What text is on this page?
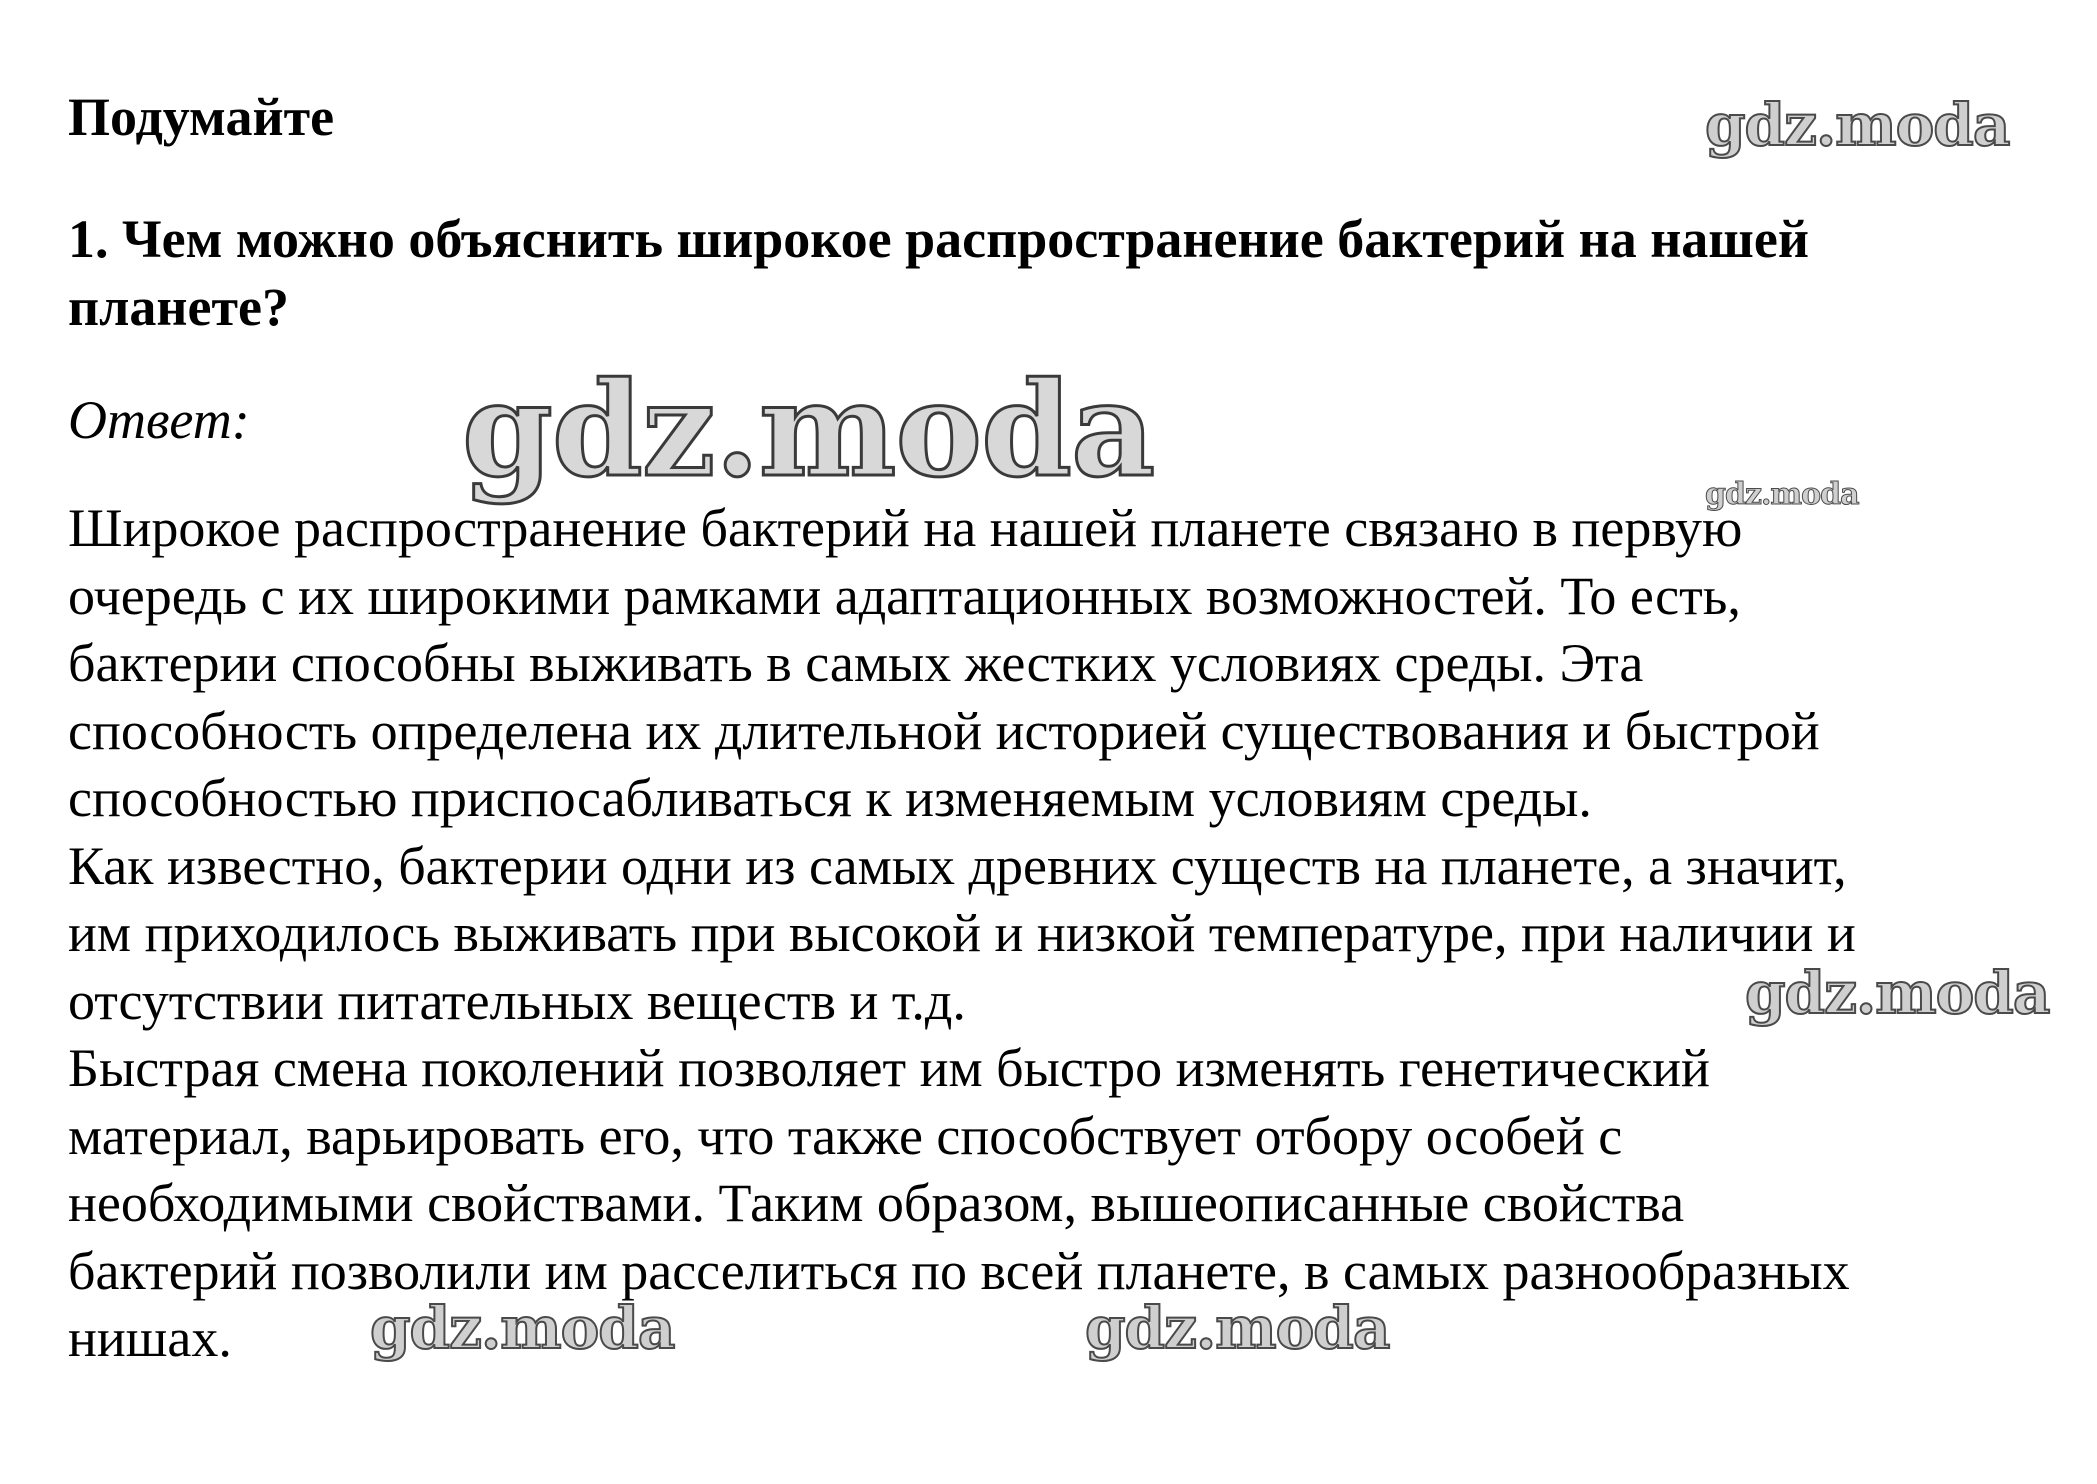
Подумайте
1. Чем можно объяснить широкое распространение бактерий на нашей планете?
Ответ:

Широкое распространение бактерий на нашей планете связано в первую
очередь с их широкими рамками адаптационных возможностей. То есть,
бактерии способны выживать в самых жестких условиях среды. Эта
способность определена их длительной историей существования и быстрой
способностью приспосабливаться к изменяемым условиям среды.
Как известно, бактерии одни из самых древних существ на планете, а значит,
им приходилось выживать при высокой и низкой температуре, при наличии и
отсутствии питательных веществ и т.д.
Быстрая смена поколений позволяет им быстро изменять генетический
материал, варьировать его, что также способствует отбору особей с
необходимыми свойствами. Таким образом, вышеописанные свойства
бактерий позволили им расселиться по всей планете, в самых разнообразных
нишах.

gdz.moda
gdz.moda	gdz.moda
gdz.moda
gdz.moda	gdz.moda
